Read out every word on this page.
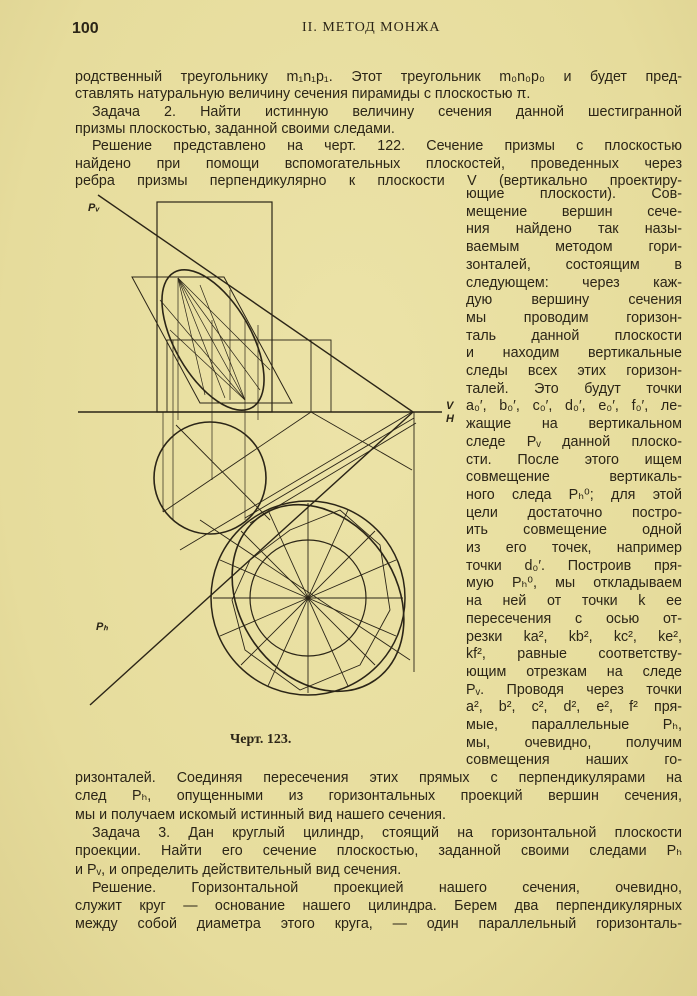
100	II. МЕТОД МОНЖА
родственный треугольнику m₁n₁p₁. Этот треугольник m₀n₀p₀ и будет пред-
ставлять натуральную величину сечения пирамиды с плоскостью π.
Задача 2. Найти истинную величину сечения данной шестигранной
призмы плоскостью, заданной своими следами.
Решение представлено на черт. 122. Сечение призмы с плоскостью
найдено при помощи вспомогательных плоскостей, проведенных через
ребра призмы перпендикулярно к плоскости V (вертикально проектиру-
ющие плоскости). Сов-
мещение вершин сече-
ния найдено так назы-
ваемым методом гори-
зонталей, состоящим в
следующем: через каж-
дую вершину сечения
мы проводим горизон-
таль данной плоскости
и находим вертикальные
следы всех этих горизон-
талей. Это будут точки
a₀′, b₀′, c₀′, d₀′, e₀′, f₀′, ле-
жащие на вертикальном
следе Pᵥ данной плоско-
сти. После этого ищем
совмещение вертикаль-
ного следа Pₕ⁰; для этой
цели достаточно постро-
ить совмещение одной
из его точек, например
точки d₀′. Построив пря-
мую Pₕ⁰, мы откладываем
на ней от точки k ее
пересечения с осью от-
резки ka², kb², kc², ke²,
kf², равные соответству-
ющим отрезкам на следе
Pᵥ. Проводя через точки
a², b², c², d², e², f² пря-
мые, параллельные Pₕ,
мы, очевидно, получим
совмещения наших го-
ризонталей. Соединяя пересечения этих прямых с перпендикулярами на
след Pₕ, опущенными из горизонтальных проекций вершин сечения,
мы и получаем искомый истинный вид нашего сечения.
Задача 3. Дан круглый цилиндр, стоящий на горизонтальной плоскости
проекции. Найти его сечение плоскостью, заданной своими следами Pₕ
и Pᵥ, и определить действительный вид сечения.
Решение. Горизонтальной проекцией нашего сечения, очевидно,
служит круг — основание нашего цилиндра. Берем два перпендикулярных
между собой диаметра этого круга, — один параллельный горизонталь-
Pᵥ
Pₕ
V
H
Черт. 123.
